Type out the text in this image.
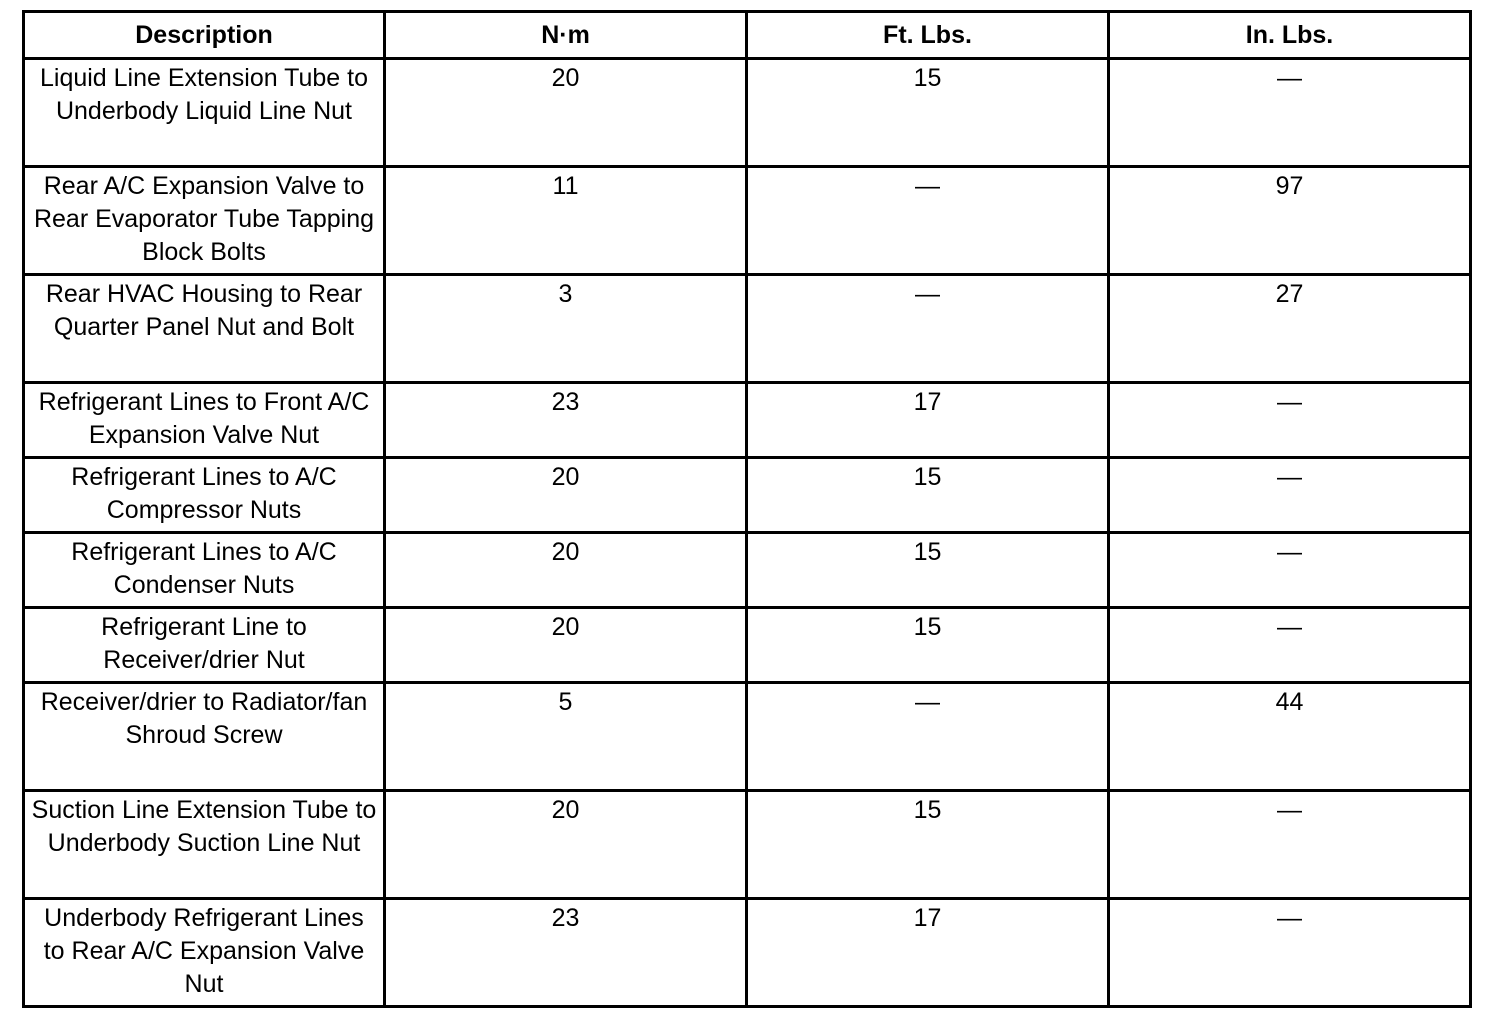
Description	N·m	Ft. Lbs.	In. Lbs.
Liquid Line Extension Tube to Underbody Liquid Line Nut	20	15	—
Rear A/C Expansion Valve to Rear Evaporator Tube Tapping Block Bolts	11	—	97
Rear HVAC Housing to Rear Quarter Panel Nut and Bolt	3	—	27
Refrigerant Lines to Front A/C Expansion Valve Nut	23	17	—
Refrigerant Lines to A/C Compressor Nuts	20	15	—
Refrigerant Lines to A/C Condenser Nuts	20	15	—
Refrigerant Line to Receiver/drier Nut	20	15	—
Receiver/drier to Radiator/fan Shroud Screw	5	—	44
Suction Line Extension Tube to Underbody Suction Line Nut	20	15	—
Underbody Refrigerant Lines to Rear A/C Expansion Valve Nut	23	17	—
